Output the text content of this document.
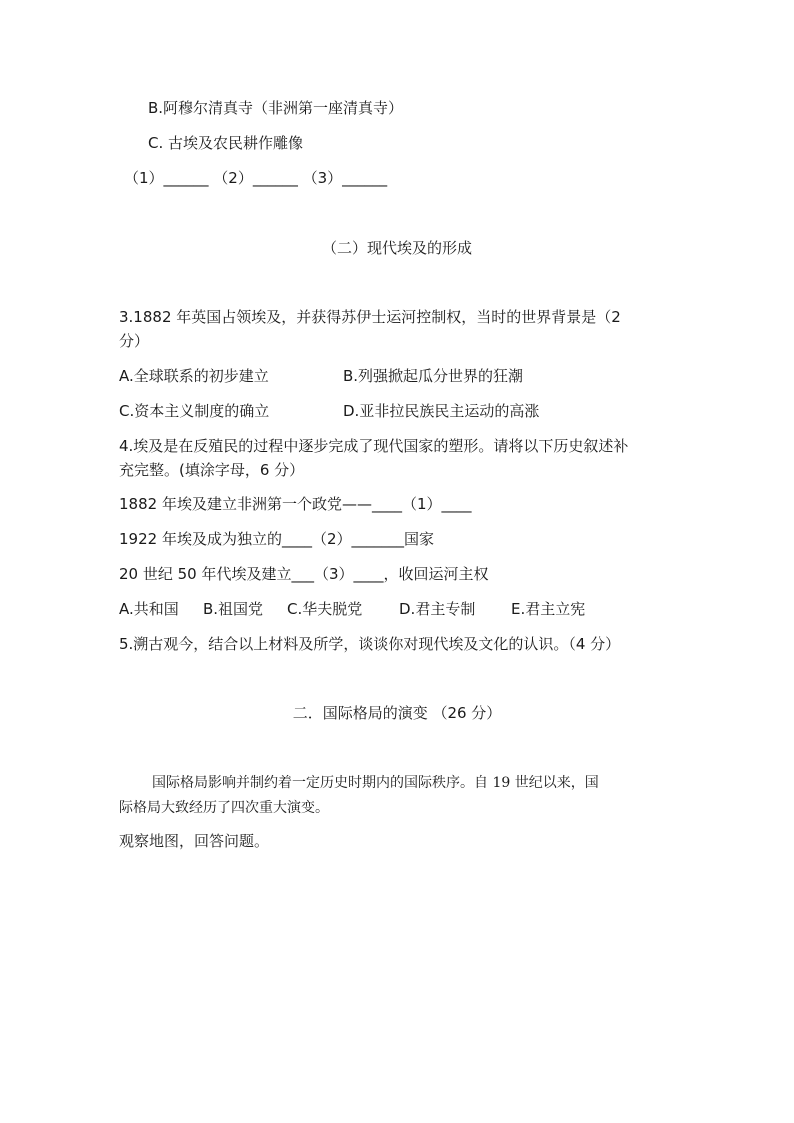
B.阿穆尔清真寺（非洲第一座清真寺）
C. 古埃及农民耕作雕像
（1）______ （2）______ （3）______
（二）现代埃及的形成
3.1882 年英国占领埃及，并获得苏伊士运河控制权，当时的世界背景是（2
分）
A.全球联系的初步建立	B.列强掀起瓜分世界的狂潮
C.资本主义制度的确立	D.亚非拉民族民主运动的高涨
4.埃及是在反殖民的过程中逐步完成了现代国家的塑形。请将以下历史叙述补
充完整。(填涂字母，6 分）
1882 年埃及建立非洲第一个政党——____（1）____
1922 年埃及成为独立的____（2）_______国家
20 世纪 50 年代埃及建立___（3）____，收回运河主权
A.共和国 B.祖国党 C.华夫脱党 D.君主专制 E.君主立宪
5.溯古观今，结合以上材料及所学，谈谈你对现代埃及文化的认识。（4 分）
二．国际格局的演变 （26 分）
国际格局影响并制约着一定历史时期内的国际秩序。自 19 世纪以来，国
际格局大致经历了四次重大演变。
观察地图，回答问题。
